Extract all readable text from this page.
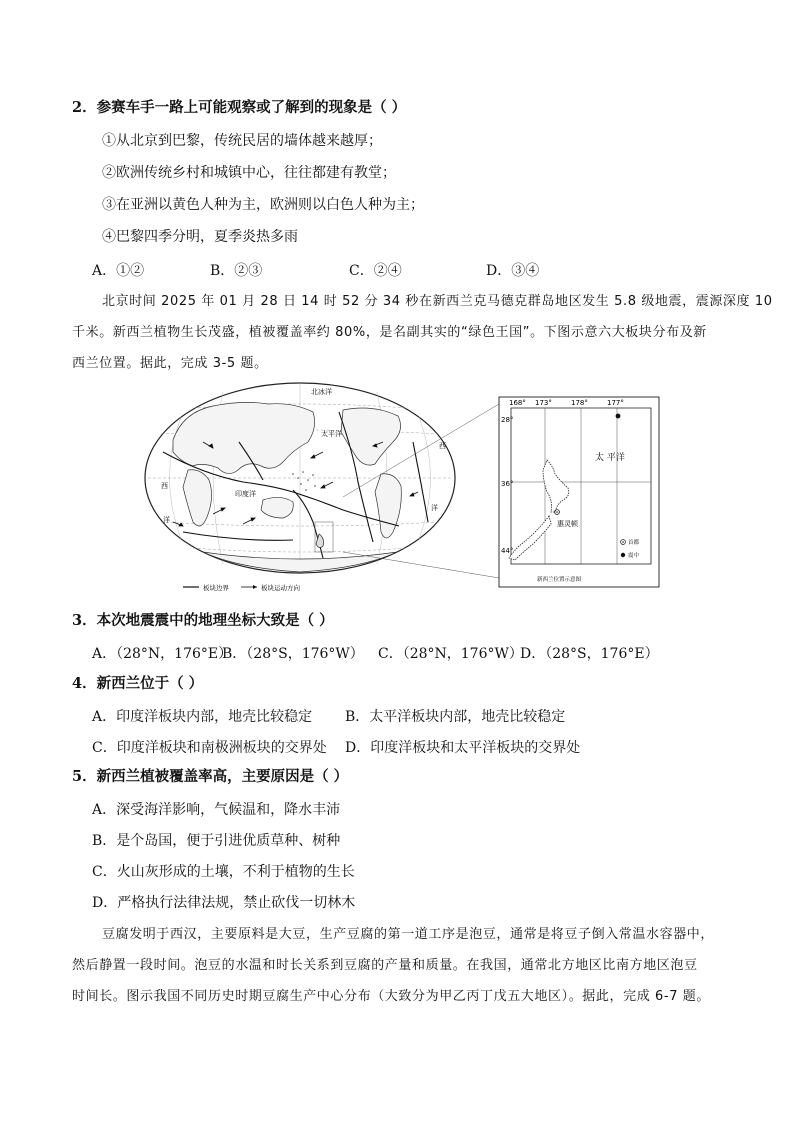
2．参赛车手一路上可能观察或了解到的现象是（ ）
①从北京到巴黎，传统民居的墙体越来越厚；
②欧洲传统乡村和城镇中心，往往都建有教堂；
③在亚洲以黄色人种为主，欧洲则以白色人种为主；
④巴黎四季分明，夏季炎热多雨
A．①②	B．②③	C．②④	D．③④
北京时间 2025 年 01 月 28 日 14 时 52 分 34 秒在新西兰克马德克群岛地区发生 5.8 级地震，震源深度 10
千米。新西兰植物生长茂盛，植被覆盖率约 80%，是名副其实的“绿色王国”。下图示意六大板块分布及新
西兰位置。据此，完成 3-5 题。
北冰洋
太平洋
印度洋
西
洋
西
洋
板块边界	板块运动方向
168° 173°	178°	177°
28°
36°
44°
太 平洋
惠灵顿
首都
震中
新西兰位置示意图
3．本次地震震中的地理坐标大致是（ ）
A．（28°N，176°E）
B．（28°S，176°W） C．（28°N，176°W）
D．（28°S，176°E）
4．新西兰位于（ ）
A．印度洋板块内部，地壳比较稳定 B．太平洋板块内部，地壳比较稳定
C．印度洋板块和南极洲板块的交界处 D．印度洋板块和太平洋板块的交界处
5．新西兰植被覆盖率高，主要原因是（ ）
A．深受海洋影响，气候温和，降水丰沛
B．是个岛国，便于引进优质草种、树种
C．火山灰形成的土壤，不利于植物的生长
D．严格执行法律法规，禁止砍伐一切林木
豆腐发明于西汉，主要原料是大豆，生产豆腐的第一道工序是泡豆，通常是将豆子倒入常温水容器中，
然后静置一段时间。泡豆的水温和时长关系到豆腐的产量和质量。在我国，通常北方地区比南方地区泡豆
时间长。图示我国不同历史时期豆腐生产中心分布（大致分为甲乙丙丁戊五大地区）。据此，完成 6-7 题。
